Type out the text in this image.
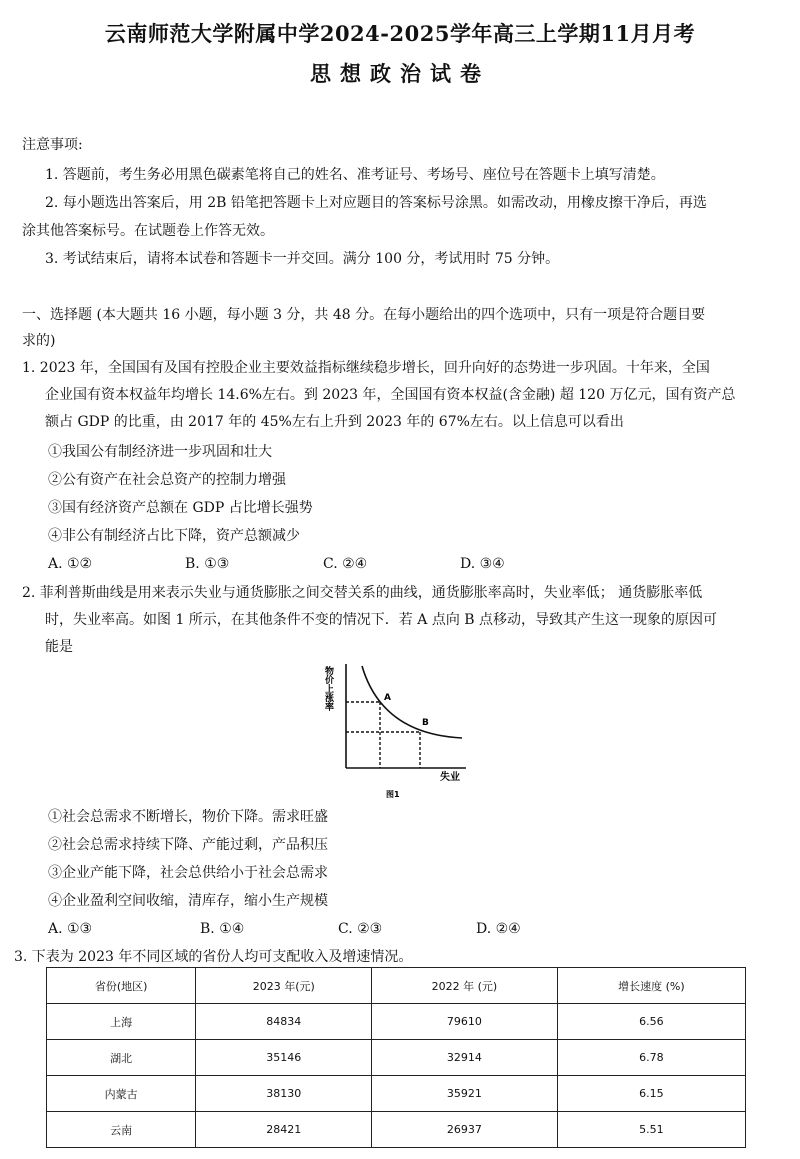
云南师范大学附属中学2024-2025学年高三上学期11月月考
思想政治试卷
注意事项:
1. 答题前，考生务必用黑色碳素笔将自己的姓名、准考证号、考场号、座位号在答题卡上填写清楚。
2. 每小题选出答案后，用 2B 铅笔把答题卡上对应题目的答案标号涂黑。如需改动，用橡皮擦干净后，再选
涂其他答案标号。在试题卷上作答无效。
3. 考试结束后，请将本试卷和答题卡一并交回。满分 100 分，考试用时 75 分钟。
一、选择题 (本大题共 16 小题，每小题 3 分，共 48 分。在每小题给出的四个选项中，只有一项是符合题目要
求的)
1. 2023 年，全国国有及国有控股企业主要效益指标继续稳步增长，回升向好的态势进一步巩固。十年来，全国
企业国有资本权益年均增长 14.6%左右。到 2023 年，全国国有资本权益(含金融) 超 120 万亿元，国有资产总
额占 GDP 的比重，由 2017 年的 45%左右上升到 2023 年的 67%左右。以上信息可以看出
①我国公有制经济进一步巩固和壮大
②公有资产在社会总资产的控制力增强
③国有经济资产总额在 GDP 占比增长强势
④非公有制经济占比下降，资产总额减少
A. ①②	B. ①③	C. ②④	D. ③④
2. 菲利普斯曲线是用来表示失业与通货膨胀之间交替关系的曲线，通货膨胀率高时，失业率低； 通货膨胀率低
时，失业率高。如图 1 所示，在其他条件不变的情况下．若 A 点向 B 点移动，导致其产生这一现象的原因可
能是
A
B
物价上涨率
失业
图1
①社会总需求不断增长，物价下降。需求旺盛
②社会总需求持续下降、产能过剩，产品积压
③企业产能下降，社会总供给小于社会总需求
④企业盈利空间收缩，清库存，缩小生产规模
A. ①③	B. ①④	C. ②③	D. ②④
3. 下表为 2023 年不同区域的省份人均可支配收入及增速情况。
省份(地区)	2023 年(元)	2022 年 (元)	增长速度 (%)
上海	84834	79610	6.56
湖北	35146	32914	6.78
内蒙古	38130	35921	6.15
云南	28421	26937	5.51
